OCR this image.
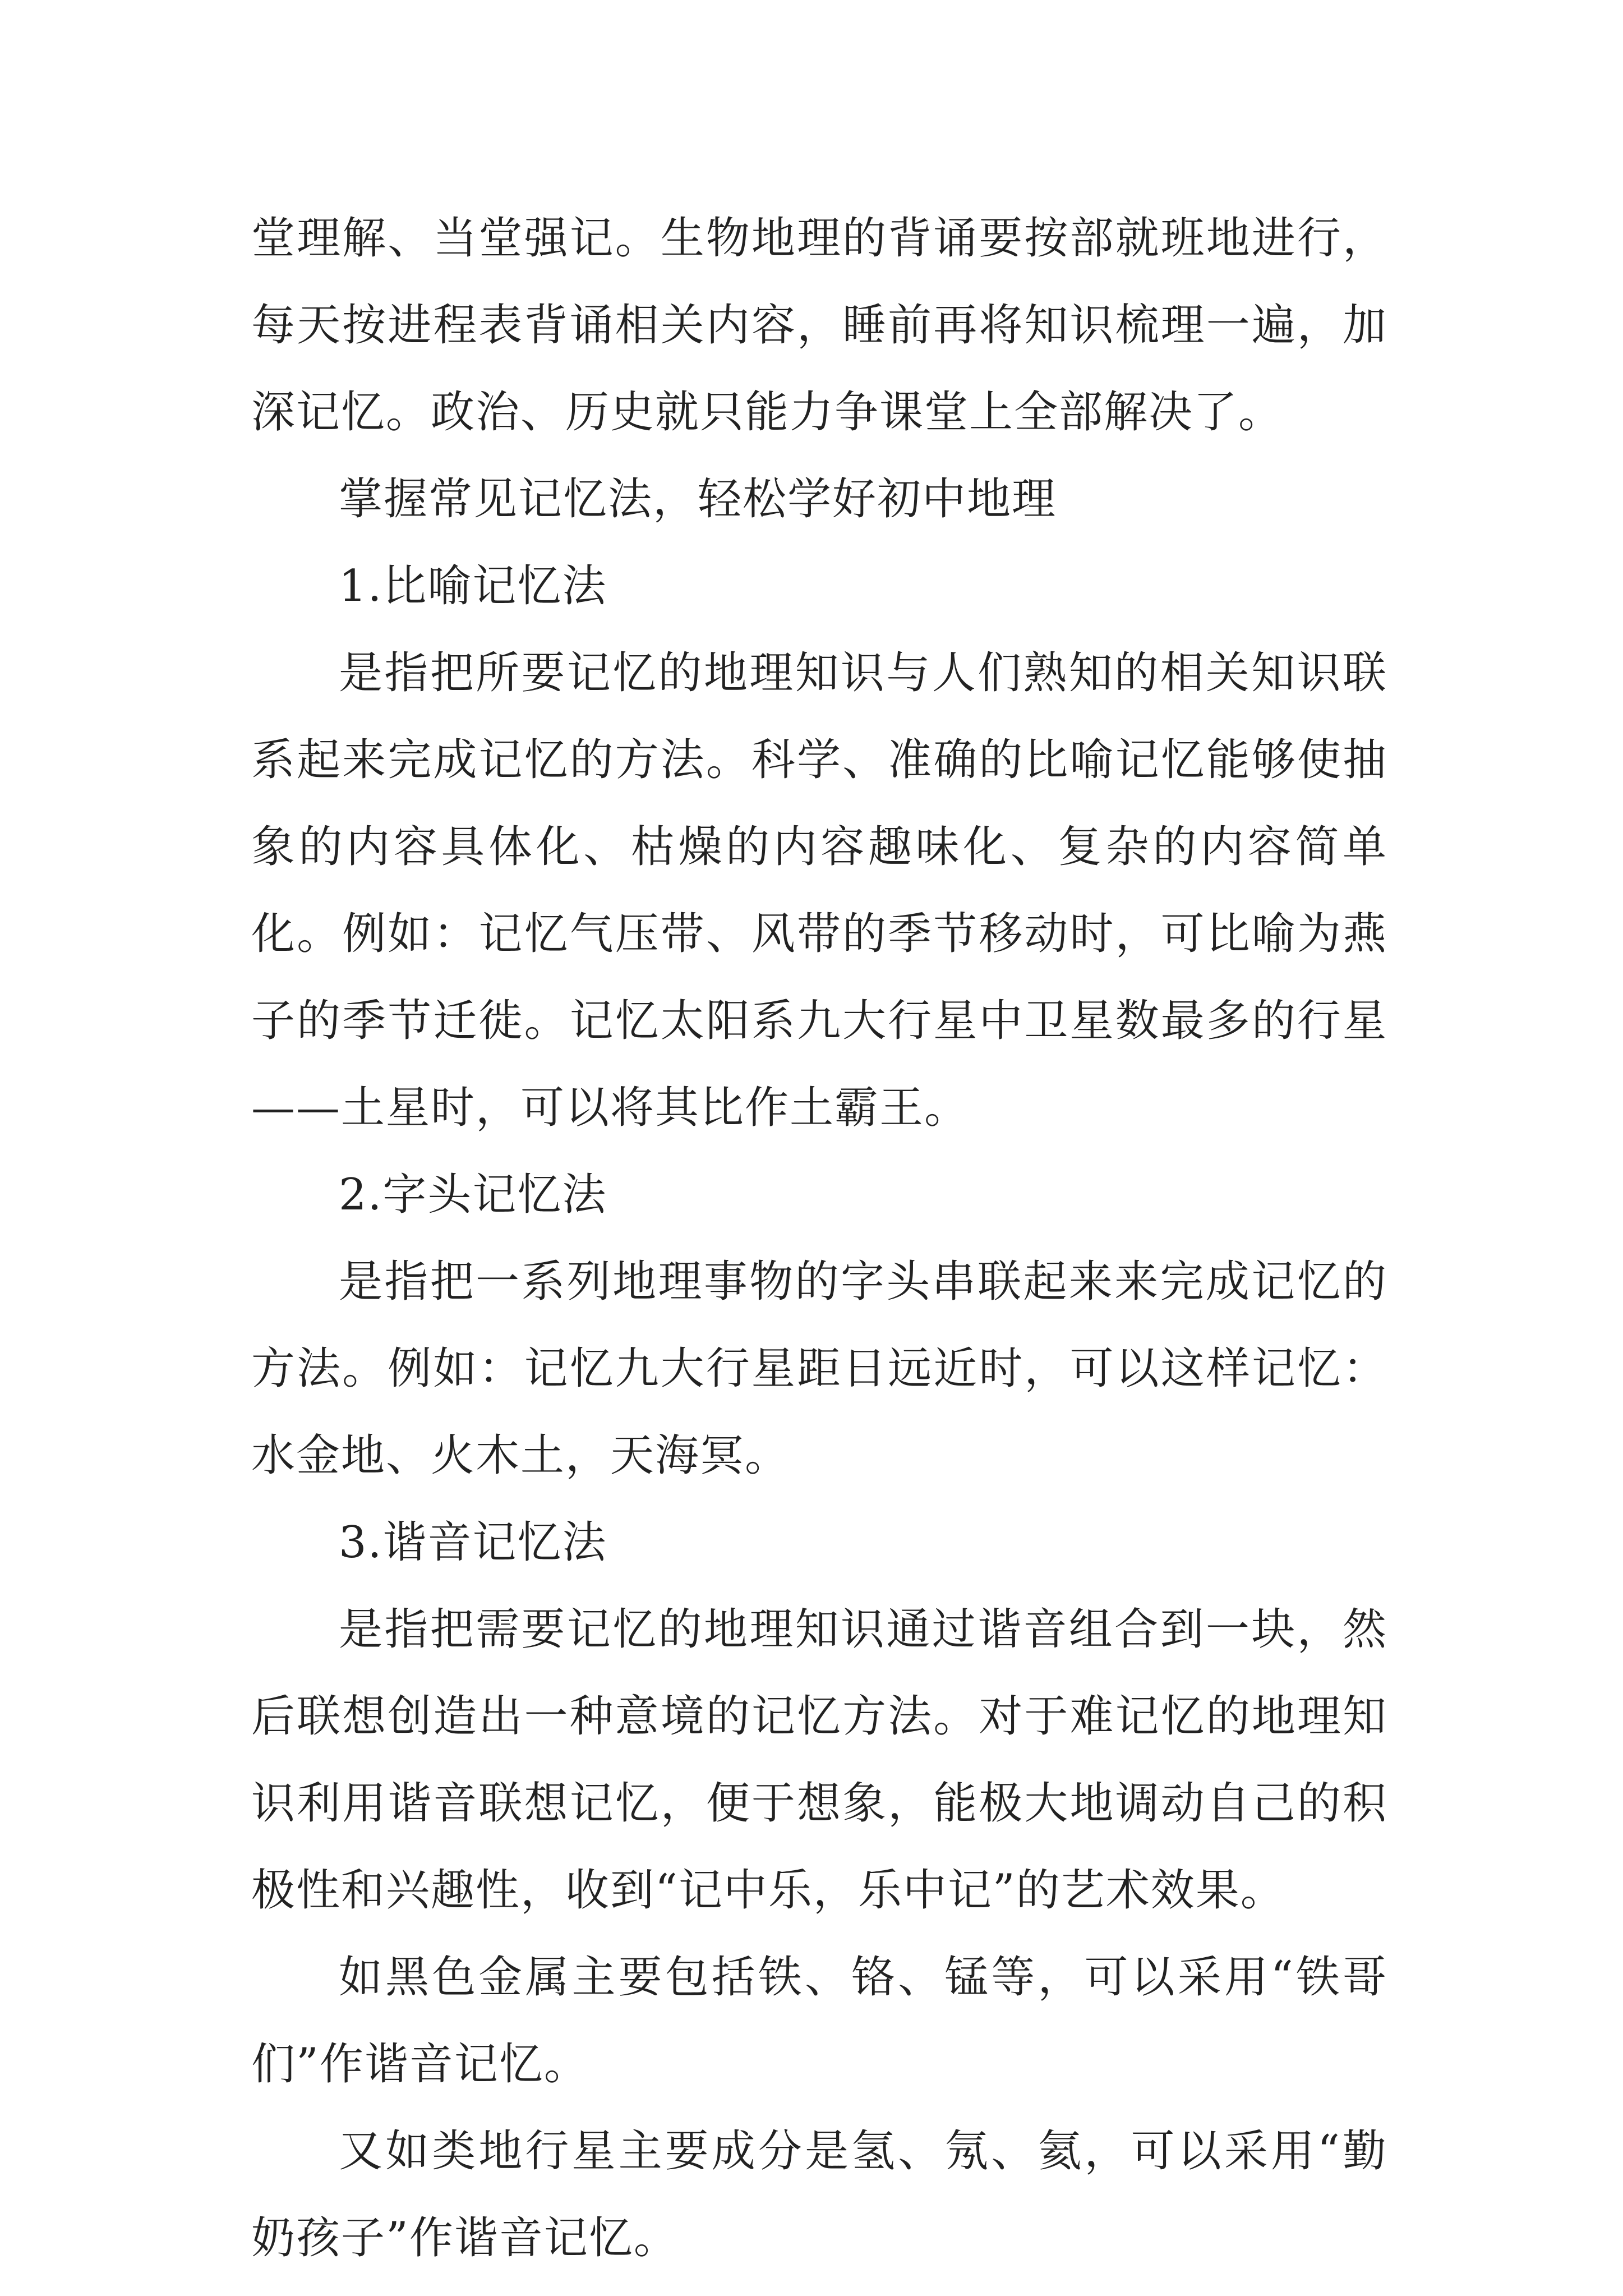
堂理解、当堂强记。生物地理的背诵要按部就班地进行，每天按进程表背诵相关内容，睡前再将知识梳理一遍，加深记忆。政治、历史就只能力争课堂上全部解决了。

掌握常见记忆法，轻松学好初中地理

1.比喻记忆法

是指把所要记忆的地理知识与人们熟知的相关知识联系起来完成记忆的方法。科学、准确的比喻记忆能够使抽象的内容具体化、枯燥的内容趣味化、复杂的内容简单化。例如：记忆气压带、风带的季节移动时，可比喻为燕子的季节迁徙。记忆太阳系九大行星中卫星数最多的行星——土星时，可以将其比作土霸王。

2.字头记忆法

是指把一系列地理事物的字头串联起来来完成记忆的方法。例如：记忆九大行星距日远近时，可以这样记忆：水金地、火木土，天海冥。

3.谐音记忆法

是指把需要记忆的地理知识通过谐音组合到一块，然后联想创造出一种意境的记忆方法。对于难记忆的地理知识利用谐音联想记忆，便于想象，能极大地调动自己的积极性和兴趣性，收到“记中乐，乐中记”的艺术效果。

如黑色金属主要包括铁、铬、锰等，可以采用“铁哥们”作谐音记忆。

又如类地行星主要成分是氢、氖、氦，可以采用“勤奶孩子”作谐音记忆。
